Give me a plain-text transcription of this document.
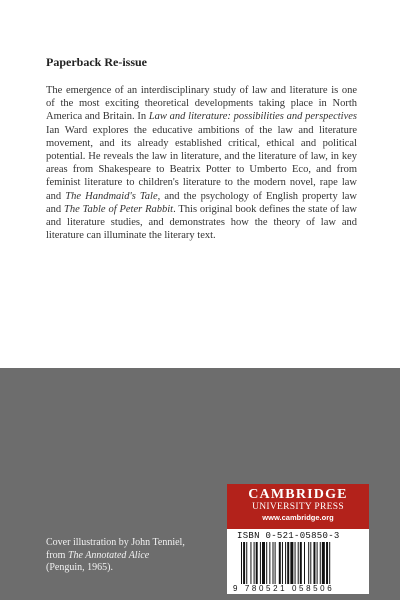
Paperback Re-issue

The emergence of an interdisciplinary study of law and literature is one of the most exciting theoretical developments taking place in North America and Britain. In Law and literature: possibilities and perspectives Ian Ward explores the educative ambitions of the law and literature movement, and its already established critical, ethical and political potential. He reveals the law in literature, and the literature of law, in key areas from Shakespeare to Beatrix Potter to Umberto Eco, and from feminist literature to children's literature to the modern novel, rape law and The Handmaid's Tale, and the psychology of English property law and The Table of Peter Rabbit. This original book defines the state of law and literature studies, and demonstrates how the theory of law and literature can illuminate the literary text.

Cover illustration by John Tenniel,
from The Annotated Alice
(Penguin, 1965).

CAMBRIDGE
UNIVERSITY PRESS
www.cambridge.org
ISBN 0-521-05850-3
9 780521 058506
